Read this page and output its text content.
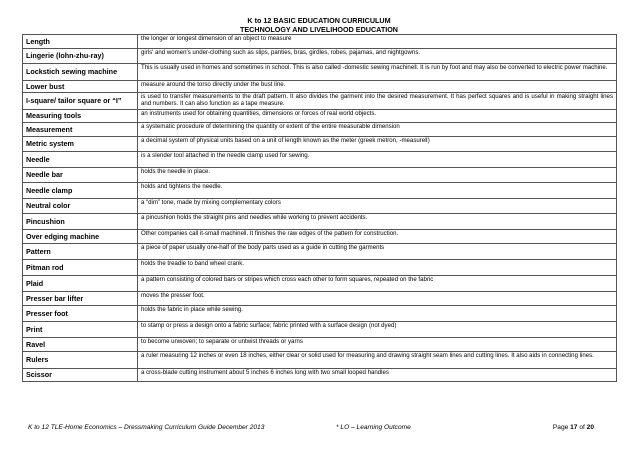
K to 12 BASIC EDUCATION CURRICULUM
TECHNOLOGY AND LIVELIHOOD EDUCATION
Length	the longer or longest dimension of an object to measure
Lingerie (lohn-zhu-ray)	girls' and women's under-clothing such as slips, panties, bras, girdles, robes, pajamas, and nightgowns.
Lockstich sewing machine	This is usually used in homes and sometimes in school. This is also called -domestic sewing machine‖. It is run by foot and may also be converted to electric power machine.
Lower bust	measure around the torso directly under the bust line.
I-square/ tailor square or “I”	is used to transfer measurements to the draft pattern. It also divides the garment into the desired measurement. It has perfect squares and is useful in making straight lines and numbers. It can also function as a tape measure.
Measuring tools	an instruments used for obtaining quantities, dimensions or forces of real world objects.
Measurement	a systematic procedure of determining the quantity or extent of the entire measurable dimension
Metric system	a decimal system of physical units based on a unit of length known as the meter (greek metron, -measure‖)
Needle	is a slender tool attached in the needle clamp used for sewing.
Needle bar	holds the needle in place.
Needle clamp	holds and tightens the needle.
Neutral color	a “dim” tone, made by mixing complementary colors
Pincushion	a pincushion holds the straight pins and needles while working to prevent accidents.
Over edging machine	Other companies call it-small machine‖. It finishes the raw edges of the pattern for construction.
Pattern	a piece of paper usually one-half of the body parts used as a guide in cutting the garments
Pitman rod	holds the treadle to band wheel crank.
Plaid	a pattern consisting of colored bars or stripes which cross each other to form squares, repeated on the fabric
Presser bar lifter	moves the presser foot.
Presser foot	holds the fabric in place while sewing.
Print	to stamp or press a design onto a fabric surface; fabric printed with a surface design (not dyed)
Ravel	to become unwoven; to separate or untwist threads or yarns
Rulers	a ruler measuring 12 inches or even 18 inches, either clear or solid used for measuring and drawing straight seam lines and cutting lines. It also aids in connecting lines.
Scissor	a cross-blade cutting instrument about 5 inches 6 inches long with two small looped handles
K to 12 TLE-Home Economics – Dressmaking Curriculum Guide December 2013	* LO – Learning Outcome	Page 17 of 20
